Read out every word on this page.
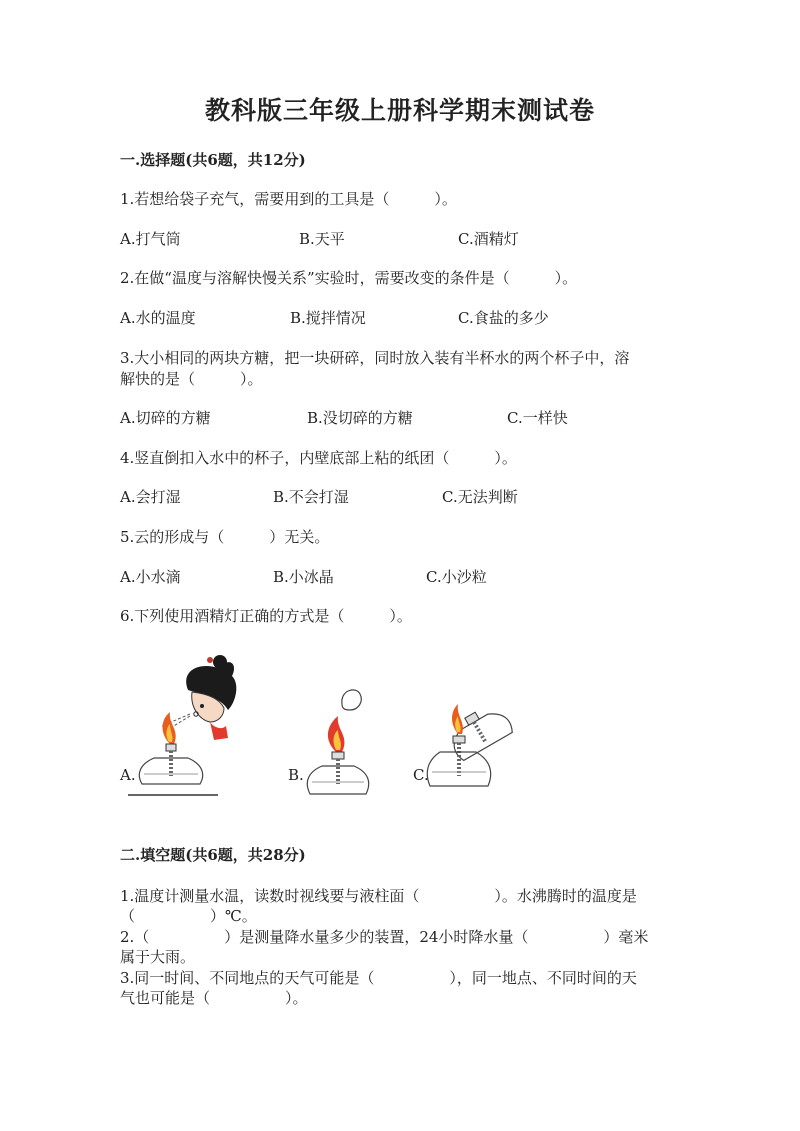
教科版三年级上册科学期末测试卷
一.选择题(共6题，共12分)
1.若想给袋子充气，需要用到的工具是（　　　）。
A.打气筒	B.天平	C.酒精灯
2.在做“温度与溶解快慢关系”实验时，需要改变的条件是（　　　）。
A.水的温度	B.搅拌情况	C.食盐的多少
3.大小相同的两块方糖，把一块研碎，同时放入装有半杯水的两个杯子中，溶
解快的是（　　　）。
A.切碎的方糖	B.没切碎的方糖	C.一样快
4.竖直倒扣入水中的杯子，内壁底部上粘的纸团（　　　）。
A.会打湿	B.不会打湿	C.无法判断
5.云的形成与（　　　）无关。
A.小水滴	B.小冰晶	C.小沙粒
6.下列使用酒精灯正确的方式是（　　　）。
A.	B.	C.
二.填空题(共6题，共28分)
1.温度计测量水温，读数时视线要与液柱面（　　　　　）。水沸腾时的温度是
（　　　　　）℃。
2.（　　　　　）是测量降水量多少的装置，24小时降水量（　　　　　）毫米
属于大雨。
3.同一时间、不同地点的天气可能是（　　　　　），同一地点、不同时间的天
气也可能是（　　　　　）。
